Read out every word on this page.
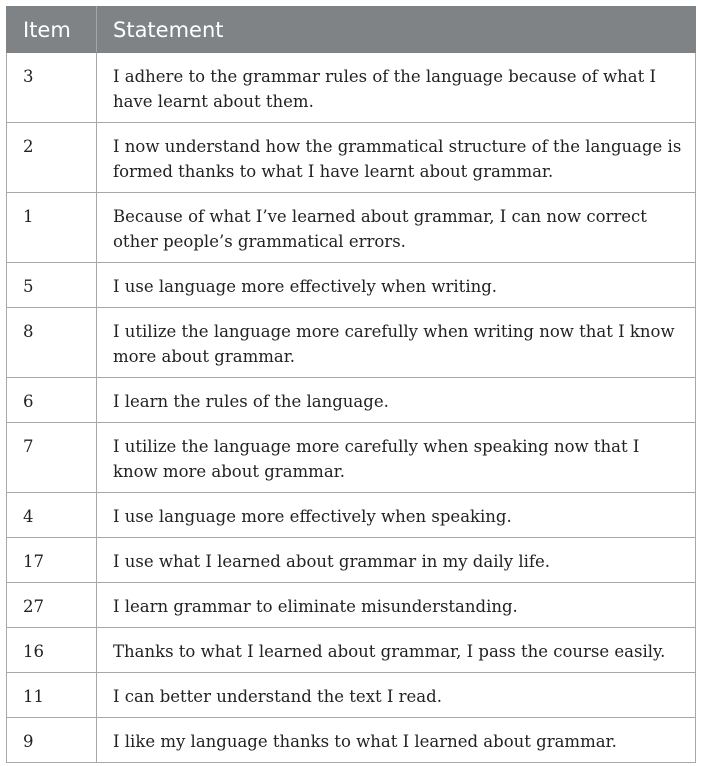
Item	Statement
3	I adhere to the grammar rules of the language because of what I have learnt about them.
2	I now understand how the grammatical structure of the language is formed thanks to what I have learnt about grammar.
1	Because of what I’ve learned about grammar, I can now correct other people’s grammatical errors.
5	I use language more effectively when writing.
8	I utilize the language more carefully when writing now that I know more about grammar.
6	I learn the rules of the language.
7	I utilize the language more carefully when speaking now that I know more about grammar.
4	I use language more effectively when speaking.
17	I use what I learned about grammar in my daily life.
27	I learn grammar to eliminate misunderstanding.
16	Thanks to what I learned about grammar, I pass the course easily.
11	I can better understand the text I read.
9	I like my language thanks to what I learned about grammar.
